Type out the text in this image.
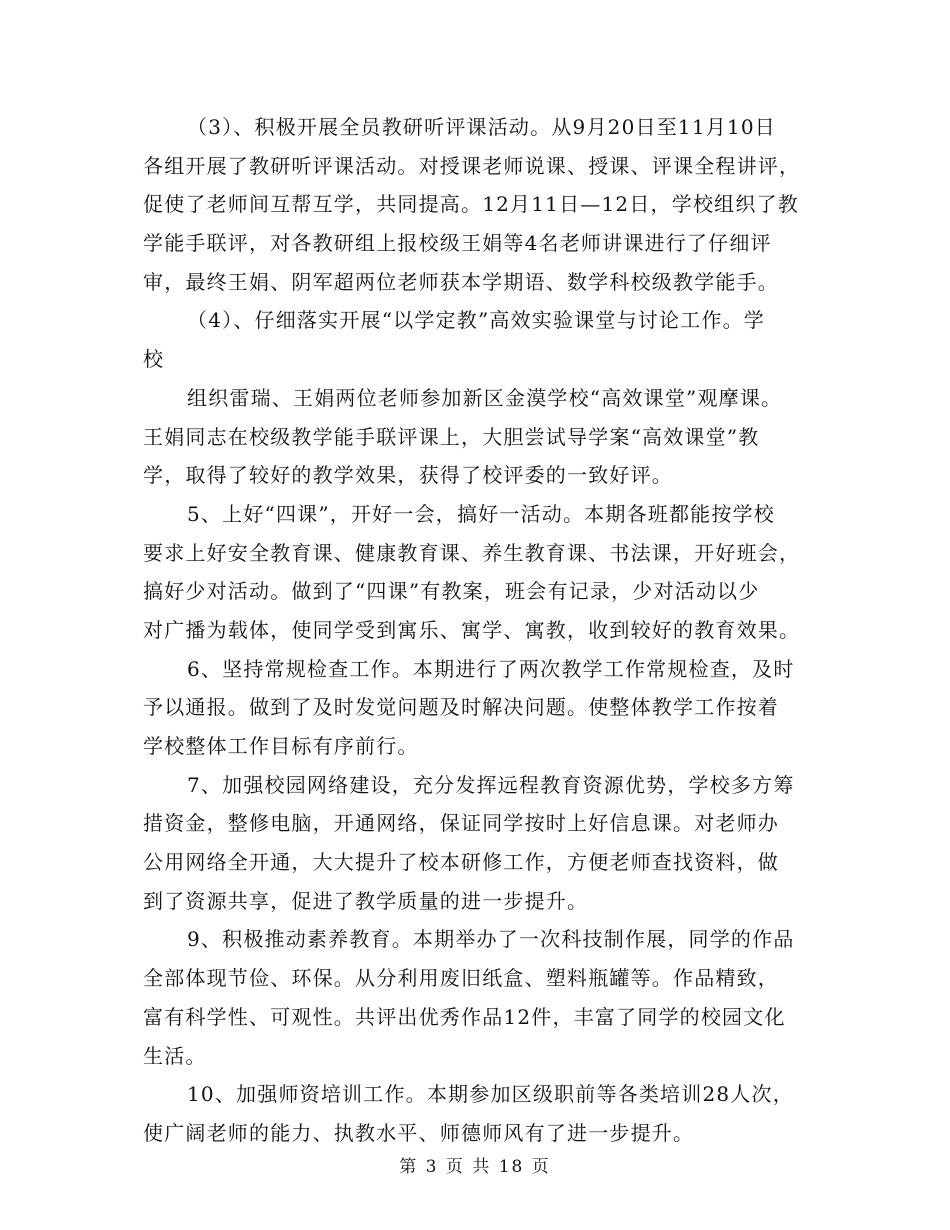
（3）、积极开展全员教研听评课活动。从9月20日至11月10日
各组开展了教研听评课活动。对授课老师说课、授课、评课全程讲评，
促使了老师间互帮互学，共同提高。12月11日—12日，学校组织了教
学能手联评，对各教研组上报校级王娟等4名老师讲课进行了仔细评
审，最终王娟、阴军超两位老师获本学期语、数学科校级教学能手。
（4）、仔细落实开展“以学定教”高效实验课堂与讨论工作。学
校
组织雷瑞、王娟两位老师参加新区金漠学校“高效课堂”观摩课。
王娟同志在校级教学能手联评课上，大胆尝试导学案“高效课堂”教
学，取得了较好的教学效果，获得了校评委的一致好评。
5、上好“四课”，开好一会，搞好一活动。本期各班都能按学校
要求上好安全教育课、健康教育课、养生教育课、书法课，开好班会，
搞好少对活动。做到了“四课”有教案，班会有记录，少对活动以少
对广播为载体，使同学受到寓乐、寓学、寓教，收到较好的教育效果。
6、坚持常规检查工作。本期进行了两次教学工作常规检查，及时
予以通报。做到了及时发觉问题及时解决问题。使整体教学工作按着
学校整体工作目标有序前行。
7、加强校园网络建设，充分发挥远程教育资源优势，学校多方筹
措资金，整修电脑，开通网络，保证同学按时上好信息课。对老师办
公用网络全开通，大大提升了校本研修工作，方便老师查找资料，做
到了资源共享，促进了教学质量的进一步提升。
9、积极推动素养教育。本期举办了一次科技制作展，同学的作品
全部体现节俭、环保。从分利用废旧纸盒、塑料瓶罐等。作品精致，
富有科学性、可观性。共评出优秀作品12件，丰富了同学的校园文化
生活。
10、加强师资培训工作。本期参加区级职前等各类培训28人次，
使广阔老师的能力、执教水平、师德师风有了进一步提升。
第 3 页 共 18 页
